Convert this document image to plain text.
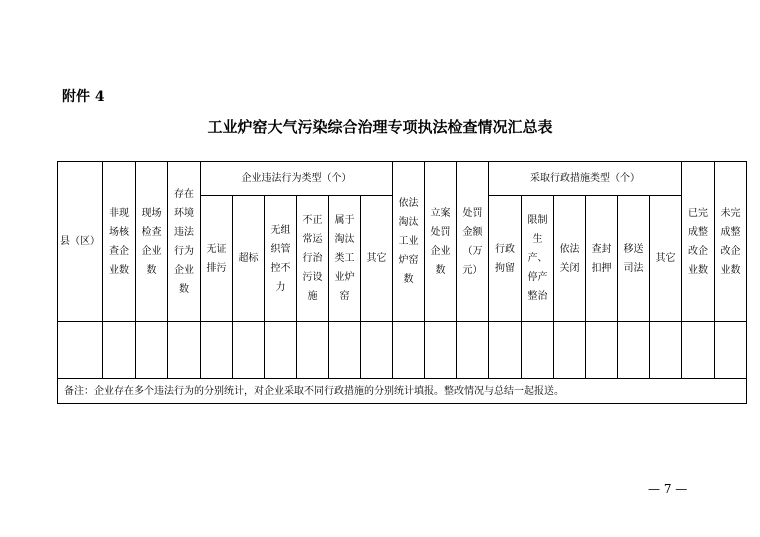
附件 4
工业炉窑大气污染综合治理专项执法检查情况汇总表
县（区）	非现场核查企业数	现场检查企业数	存在环境违法行为企业数	企业违法行为类型（个）						依法淘汰工业炉窑数	立案处罚企业数	处罚金额（万元）	采取行政措施类型（个）						已完成整改企业数	未完成整改企业数

				无证排污	超标	无组织管控不力	不正常运行治污设施	属于淘汰类工业炉窑	其它				行政拘留	限制生产、停产整治	依法关闭	查封扣押	移送司法	其它		

备注：企业存在多个违法行为的分别统计，对企业采取不同行政措施的分别统计填报。整改情况与总结一起报送。																				
— 7 —
